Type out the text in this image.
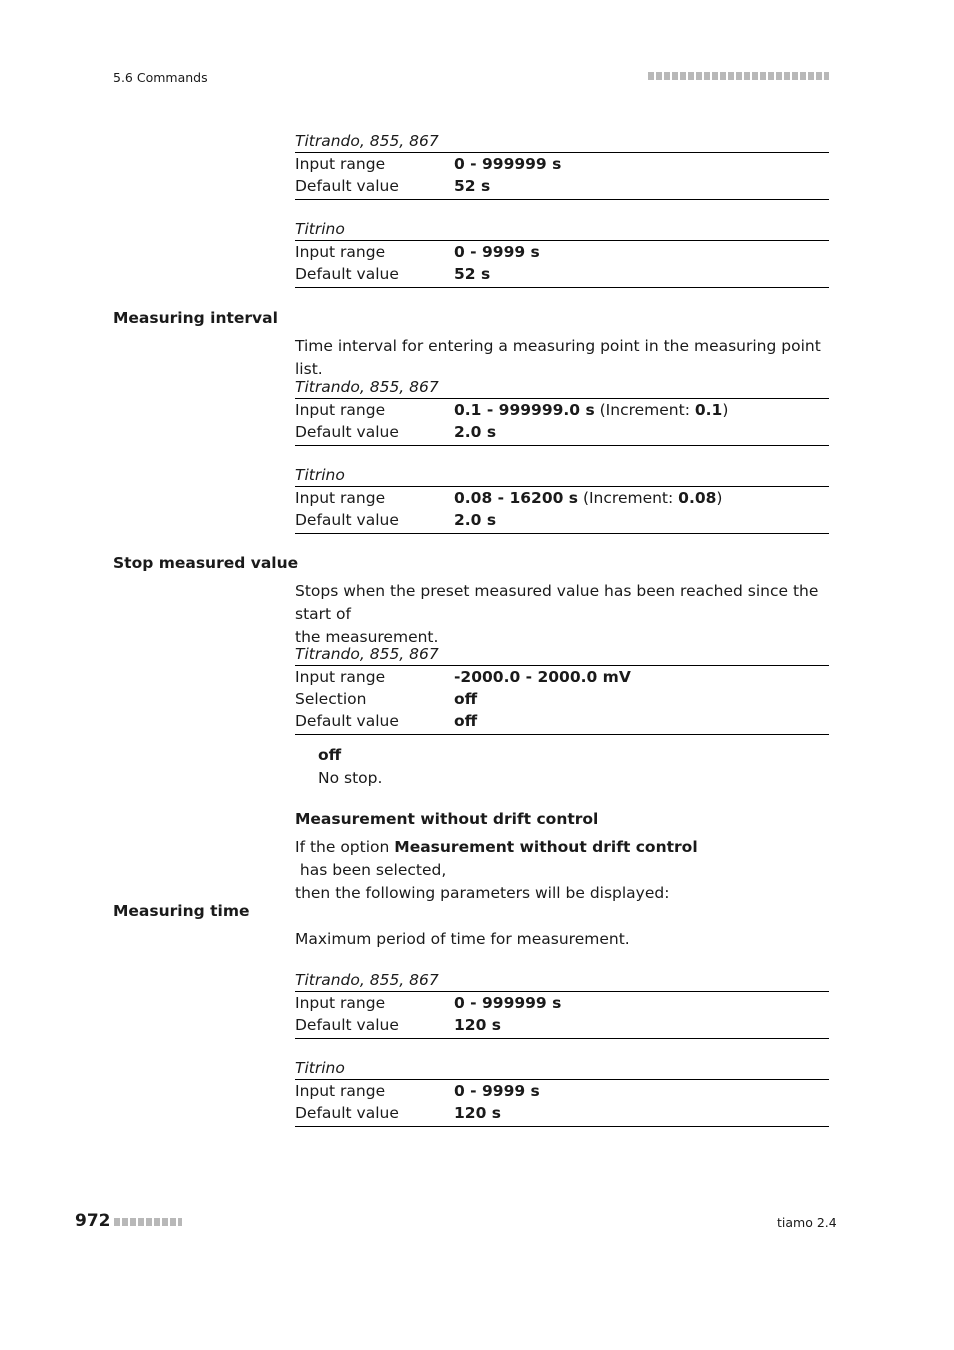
5.6 Commands
Titrando, 855, 867
Input range	0 - 999999 s
Default value	52 s
Titrino
Input range	0 - 9999 s
Default value	52 s
Measuring interval
Time interval for entering a measuring point in the measuring point list.
Titrando, 855, 867
Input range	0.1 - 999999.0 s (Increment: 0.1)
Default value	2.0 s
Titrino
Input range	0.08 - 16200 s (Increment: 0.08)
Default value	2.0 s
Stop measured value
Stops when the preset measured value has been reached since the start of
the measurement.
Titrando, 855, 867
Input range	-2000.0 - 2000.0 mV
Selection	off
Default value	off
off
No stop.
Measurement without drift control
If the option Measurement without drift control has been selected,
then the following parameters will be displayed:
Measuring time
Maximum period of time for measurement.
Titrando, 855, 867
Input range	0 - 999999 s
Default value	120 s
Titrino
Input range	0 - 9999 s
Default value	120 s
972	tiamo 2.4
